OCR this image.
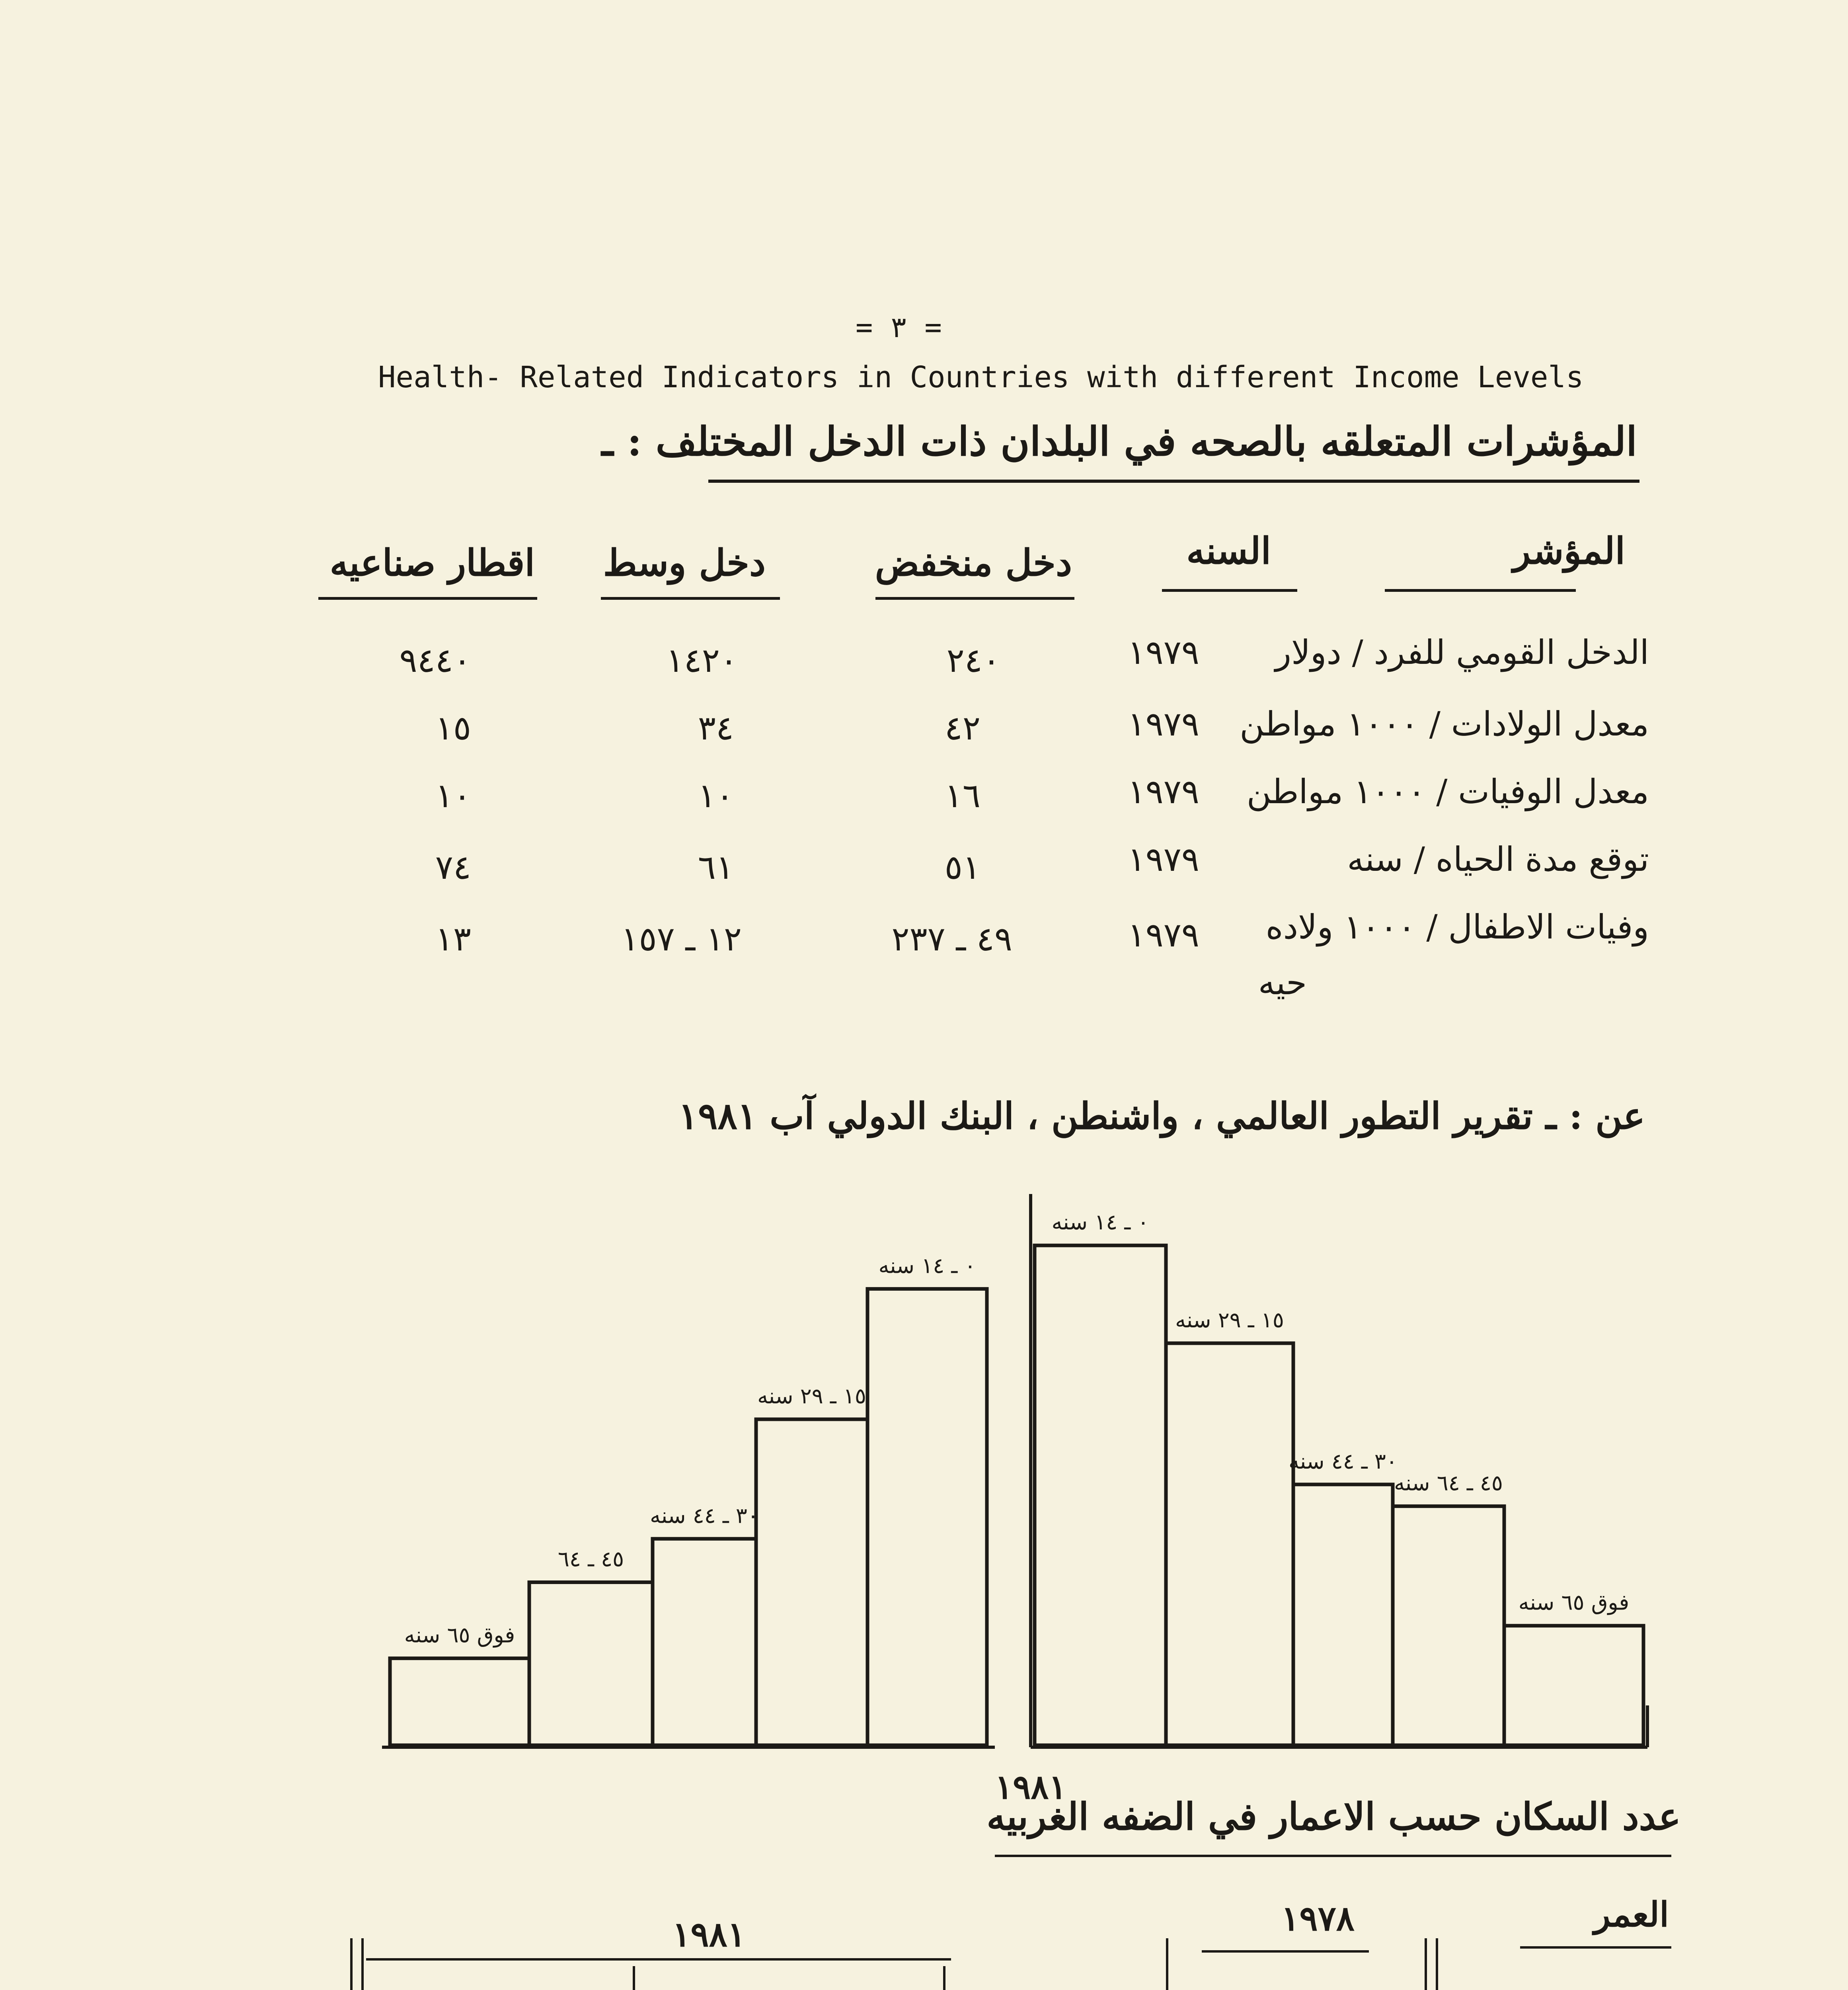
= ٣ =
Health- Related Indicators in Countries with different Income Levels
المؤشرات المتعلقه بالصحه في البلدان ذات الدخل المختلف : ـ
المؤشر
السنه
دخل منخفض
دخل وسط
اقطار صناعيه
الدخل القومي للفرد / دولار
١٩٧٩
٢٤٠
١٤٢٠
٩٤٤٠
معدل الولادات / ١٠٠٠ مواطن
١٩٧٩
٤٢
٣٤
١٥
معدل الوفيات / ١٠٠٠ مواطن
١٩٧٩
١٦
١٠
١٠
توقع مدة الحياه / سنه
١٩٧٩
٥١
٦١
٧٤
وفيات الاطفال / ١٠٠٠ ولاده
١٩٧٩
٤٩ ـ ٢٣٧
١٢ ـ ١٥٧
١٣
حيه
عن : ـ تقرير التطور العالمي ، واشنطن ، البنك الدولي آب ١٩٨١
فوق ٦٥ سنه
٤٥ ـ ٦٤
٣٠ ـ ٤٤ سنه
١٥ ـ ٢٩ سنه
٠ ـ ١٤ سنه
٠ ـ ١٤ سنه
١٥ ـ ٢٩ سنه
٣٠ ـ ٤٤ سنه
٤٥ ـ ٦٤ سنه
فوق ٦٥ سنه
١٩٨١
عدد السكان حسب الاعمار في الضفه الغربيه
العمر
١٩٧٨
١٩٨١
